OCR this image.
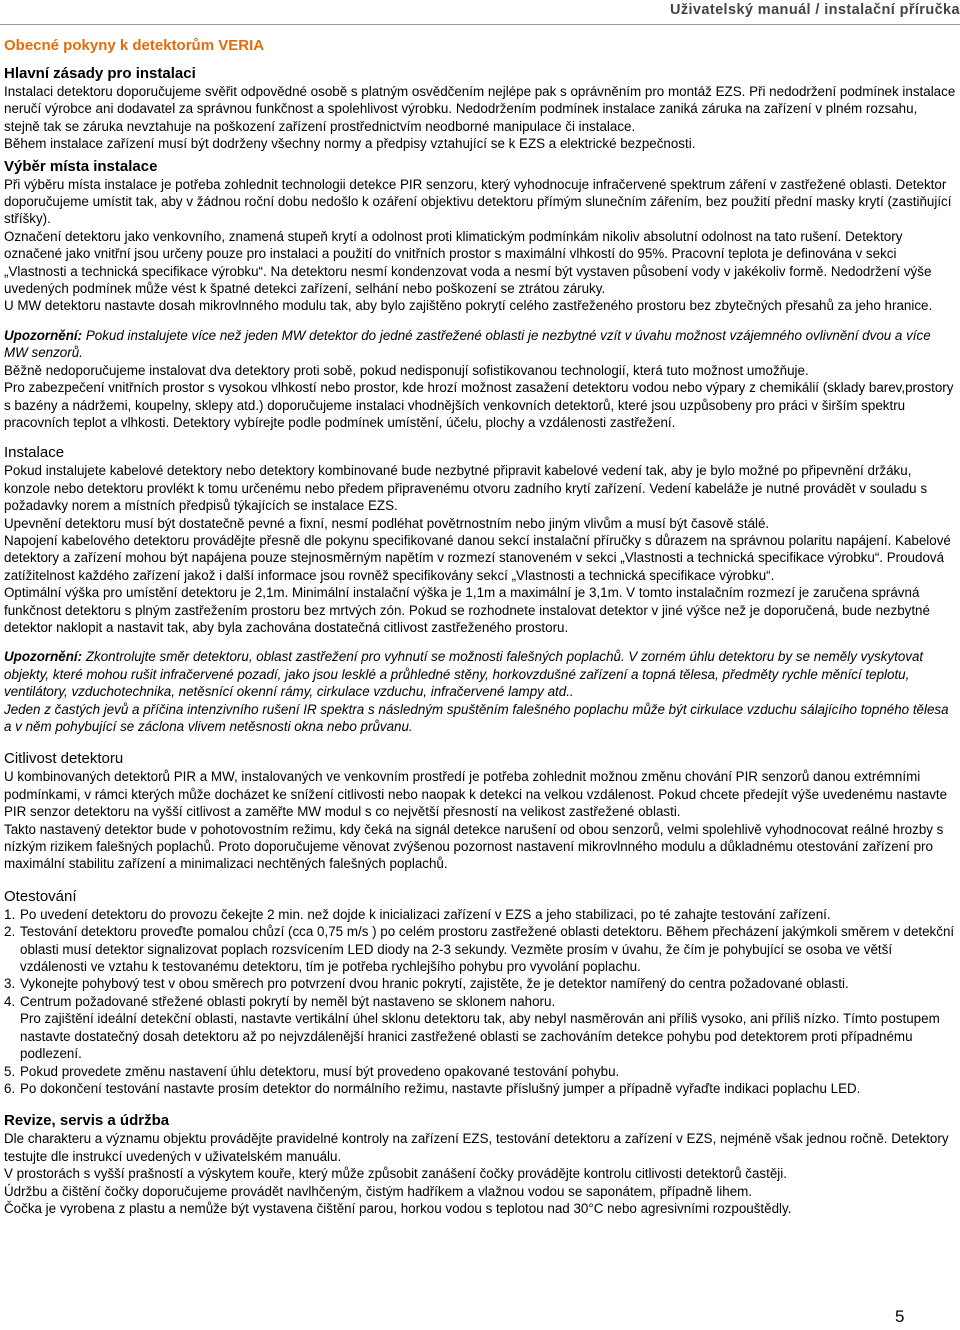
Uživatelský manuál / instalační příručka
Obecné pokyny k detektorům VERIA
Hlavní zásady pro instalaci

Instalaci detektoru doporučujeme svěřit odpovědné osobě s platným osvědčením nejlépe pak s oprávněním pro montáž EZS. Při nedodržení podmínek instalace neručí výrobce ani dodavatel za správnou funkčnost a spolehlivost výrobku. Nedodržením podmínek instalace zaniká záruka na zařízení v plném rozsahu, stejně tak se záruka nevztahuje na poškození zařízení prostřednictvím neodborné manipulace či instalace.

Během instalace zařízení musí být dodrženy všechny normy a předpisy vztahující se k EZS a elektrické bezpečnosti.

Výběr místa instalace

Při výběru místa instalace je potřeba zohlednit technologii detekce PIR senzoru, který vyhodnocuje infračervené spektrum záření v zastřežené oblasti. Detektor doporučujeme umístit tak, aby v žádnou roční dobu nedošlo k ozáření objektivu detektoru přímým slunečním zářením, bez použití přední masky krytí (zastiňující stříšky).

Označení detektoru jako venkovního, znamená stupeň krytí a odolnost proti klimatickým podmínkám nikoliv absolutní odolnost na tato rušení. Detektory označené jako vnitřní jsou určeny pouze pro instalaci a použití do vnitřních prostor s maximální vlhkostí do 95%. Pracovní teplota je definována v sekci „Vlastnosti a technická specifikace výrobku“. Na detektoru nesmí kondenzovat voda a nesmí být vystaven působení vody v jakékoliv formě. Nedodržení výše uvedených podmínek může vést k špatné detekci zařízení, selhání nebo poškození se ztrátou záruky.

U MW detektoru nastavte dosah mikrovlnného modulu tak, aby bylo zajištěno pokrytí celého zastřeženého prostoru bez zbytečných přesahů za jeho hranice.

Upozornění: Pokud instalujete více než jeden MW detektor do jedné zastřežené oblasti je nezbytné vzít v úvahu možnost vzájemného ovlivnění dvou a více MW senzorů.

Běžně nedoporučujeme instalovat dva detektory proti sobě, pokud nedisponují sofistikovanou technologií, která tuto možnost umožňuje.

Pro zabezpečení vnitřních prostor s vysokou vlhkostí nebo prostor, kde hrozí možnost zasažení detektoru vodou nebo výpary z chemikálií (sklady barev,prostory s bazény a nádržemi, koupelny, sklepy atd.) doporučujeme instalaci vhodnějších venkovních detektorů, které jsou uzpůsobeny pro práci v širším spektru pracovních teplot a vlhkosti. Detektory vybírejte podle podmínek umístění, účelu, plochy a vzdálenosti zastřežení.

Instalace

Pokud instalujete kabelové detektory nebo detektory kombinované bude nezbytné připravit kabelové vedení tak, aby je bylo možné po připevnění držáku, konzole nebo detektoru provlékt k tomu určenému nebo předem připravenému otvoru zadního krytí zařízení. Vedení kabeláže je nutné provádět v souladu s požadavky norem a místních předpisů týkajících se instalace EZS.

Upevnění detektoru musí být dostatečně pevné a fixní, nesmí podléhat povětrnostním nebo jiným vlivům a musí být časově stálé.

Napojení kabelového detektoru provádějte přesně dle pokynu specifikované danou sekcí instalační příručky s důrazem na správnou polaritu napájení. Kabelové detektory a zařízení mohou být napájena pouze stejnosměrným napětím v rozmezí stanoveném v sekci „Vlastnosti a technická specifikace výrobku“. Proudová zatížitelnost každého zařízení jakož i další informace jsou rovněž specifikovány sekcí „Vlastnosti a technická specifikace výrobku“.

Optimální výška pro umístění detektoru je 2,1m. Minimální instalační výška je 1,1m a maximální je 3,1m. V tomto instalačním rozmezí je zaručena správná funkčnost detektoru s plným zastřežením prostoru bez mrtvých zón. Pokud se rozhodnete instalovat detektor v jiné výšce než je doporučená, bude nezbytné detektor naklopit a nastavit tak, aby byla zachována dostatečná citlivost zastřeženého prostoru.

Upozornění: Zkontrolujte směr detektoru, oblast zastřežení pro vyhnutí se možnosti falešných poplachů. V zorném úhlu detektoru by se neměly vyskytovat objekty, které mohou rušit infračervené pozadí, jako jsou lesklé a průhledné stěny, horkovzdušné zařízení a topná tělesa, předměty rychle měnící teplotu, ventilátory, vzduchotechnika, netěsnící okenní rámy, cirkulace vzduchu, infračervené lampy atd..

Jeden z častých jevů a příčina intenzivního rušení IR spektra s následným spuštěním falešného poplachu může být cirkulace vzduchu sálajícího topného tělesa a v něm pohybující se záclona vlivem netěsnosti okna nebo průvanu.

Citlivost detektoru

U kombinovaných detektorů PIR a MW, instalovaných ve venkovním prostředí je potřeba zohlednit možnou změnu chování PIR senzorů danou extrémními podmínkami, v rámci kterých může docházet ke snížení citlivosti nebo naopak k detekci na velkou vzdálenost. Pokud chcete předejít výše uvedenému nastavte PIR senzor detektoru na vyšší citlivost a zaměřte MW modul s co největší přesností na velikost zastřežené oblasti.

Takto nastavený detektor bude v pohotovostním režimu, kdy čeká na signál detekce narušení od obou senzorů, velmi spolehlivě vyhodnocovat reálné hrozby s nízkým rizikem falešných poplachů. Proto doporučujeme věnovat zvýšenou pozornost nastavení mikrovlnného modulu a důkladnému otestování zařízení pro maximální stabilitu zařízení a minimalizaci nechtěných falešných poplachů.

Otestování
1. Po uvedení detektoru do provozu čekejte 2 min. než dojde k inicializaci zařízení v EZS a jeho stabilizaci, po té zahajte testování zařízení.
2. Testování detektoru proveďte pomalou chůzí (cca 0,75 m/s ) po celém prostoru zastřežené oblasti detektoru. Během přecházení jakýmkoli směrem v detekční oblasti musí detektor signalizovat poplach rozsvícením LED diody na 2-3 sekundy. Vezměte prosím v úvahu, že čím je pohybující se osoba ve větší vzdálenosti ve vztahu k testovanému detektoru, tím je potřeba rychlejšího pohybu pro vyvolání poplachu.
3. Vykonejte pohybový test v obou směrech pro potvrzení dvou hranic pokrytí, zajistěte, že je detektor namířený do centra požadované oblasti.
4. Centrum požadované střežené oblasti pokrytí by neměl být nastaveno se sklonem nahoru.
Pro zajištění ideální detekční oblasti, nastavte vertikální úhel sklonu detektoru tak, aby nebyl nasměrován ani příliš vysoko, ani příliš nízko. Tímto postupem nastavte dostatečný dosah detektoru až po nejvzdálenější hranici zastřežené oblasti se zachováním detekce pohybu pod detektorem proti případnému podlezení.
5. Pokud provedete změnu nastavení úhlu detektoru, musí být provedeno opakované testování pohybu.
6. Po dokončení testování nastavte prosím detektor do normálního režimu, nastavte příslušný jumper a případně vyřaďte indikaci poplachu LED.
Revize, servis a údržba

Dle charakteru a významu objektu provádějte pravidelné kontroly na zařízení EZS, testování detektoru a zařízení v EZS, nejméně však jednou ročně. Detektory testujte dle instrukcí uvedených v uživatelském manuálu.

V prostorách s vyšší prašností a výskytem kouře, který může způsobit zanášení čočky provádějte kontrolu citlivosti detektorů častěji.

Údržbu a čištění čočky doporučujeme provádět navlhčeným, čistým hadříkem a vlažnou vodou se saponátem, případně lihem.

Čočka je vyrobena z plastu a nemůže být vystavena čištění parou, horkou vodou s teplotou nad 30°C nebo agresivními rozpouštědly.

5
